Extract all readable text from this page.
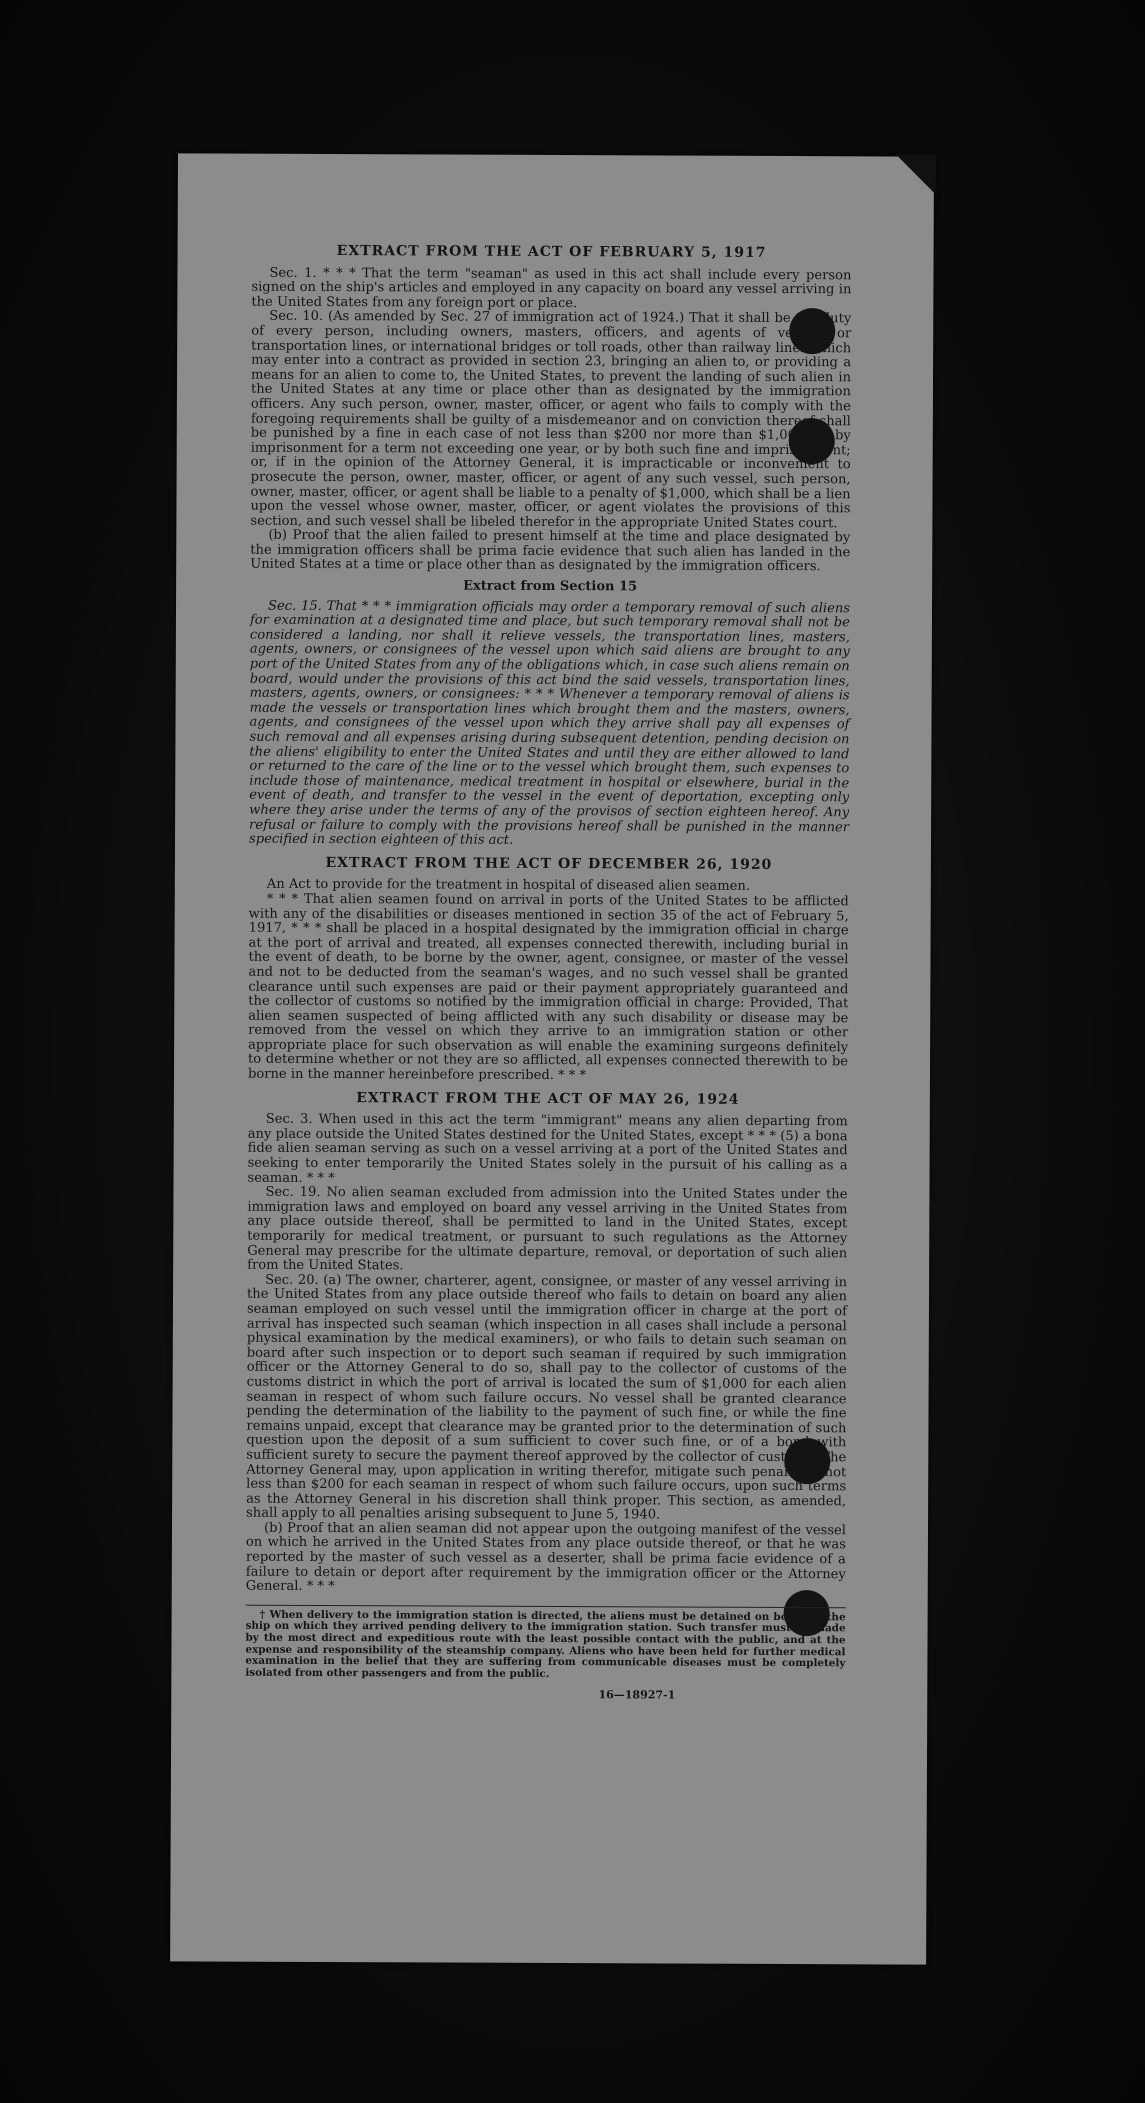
EXTRACT FROM THE ACT OF FEBRUARY 5, 1917

Sec. 1. * * * That the term "seaman" as used in this act shall include every person signed on the ship's articles and employed in any capacity on board any vessel arriving in the United States from any foreign port or place.

Sec. 10. (As amended by Sec. 27 of immigration act of 1924.) That it shall be the duty of every person, including owners, masters, officers, and agents of vessels or transportation lines, or international bridges or toll roads, other than railway lines which may enter into a contract as provided in section 23, bringing an alien to, or providing a means for an alien to come to, the United States, to prevent the landing of such alien in the United States at any time or place other than as designated by the immigration officers. Any such person, owner, master, officer, or agent who fails to comply with the foregoing requirements shall be guilty of a misdemeanor and on conviction thereof shall be punished by a fine in each case of not less than $200 nor more than $1,000, or by imprisonment for a term not exceeding one year, or by both such fine and imprisonment; or, if in the opinion of the Attorney General, it is impracticable or inconvenient to prosecute the person, owner, master, officer, or agent of any such vessel, such person, owner, master, officer, or agent shall be liable to a penalty of $1,000, which shall be a lien upon the vessel whose owner, master, officer, or agent violates the provisions of this section, and such vessel shall be libeled therefor in the appropriate United States court.

(b) Proof that the alien failed to present himself at the time and place designated by the immigration officers shall be prima facie evidence that such alien has landed in the United States at a time or place other than as designated by the immigration officers.

Extract from Section 15

Sec. 15. That * * * immigration officials may order a temporary removal of such aliens for examination at a designated time and place, but such temporary removal shall not be considered a landing, nor shall it relieve vessels, the transportation lines, masters, agents, owners, or consignees of the vessel upon which said aliens are brought to any port of the United States from any of the obligations which, in case such aliens remain on board, would under the provisions of this act bind the said vessels, transportation lines, masters, agents, owners, or consignees: * * * Whenever a temporary removal of aliens is made the vessels or transportation lines which brought them and the masters, owners, agents, and consignees of the vessel upon which they arrive shall pay all expenses of such removal and all expenses arising during subsequent detention, pending decision on the aliens' eligibility to enter the United States and until they are either allowed to land or returned to the care of the line or to the vessel which brought them, such expenses to include those of maintenance, medical treatment in hospital or elsewhere, burial in the event of death, and transfer to the vessel in the event of deportation, excepting only where they arise under the terms of any of the provisos of section eighteen hereof. Any refusal or failure to comply with the provisions hereof shall be punished in the manner specified in section eighteen of this act.

EXTRACT FROM THE ACT OF DECEMBER 26, 1920

An Act to provide for the treatment in hospital of diseased alien seamen.

* * * That alien seamen found on arrival in ports of the United States to be afflicted with any of the disabilities or diseases mentioned in section 35 of the act of February 5, 1917, * * * shall be placed in a hospital designated by the immigration official in charge at the port of arrival and treated, all expenses connected therewith, including burial in the event of death, to be borne by the owner, agent, consignee, or master of the vessel and not to be deducted from the seaman's wages, and no such vessel shall be granted clearance until such expenses are paid or their payment appropriately guaranteed and the collector of customs so notified by the immigration official in charge: Provided, That alien seamen suspected of being afflicted with any such disability or disease may be removed from the vessel on which they arrive to an immigration station or other appropriate place for such observation as will enable the examining surgeons definitely to determine whether or not they are so afflicted, all expenses connected therewith to be borne in the manner hereinbefore prescribed. * * *

EXTRACT FROM THE ACT OF MAY 26, 1924

Sec. 3. When used in this act the term "immigrant" means any alien departing from any place outside the United States destined for the United States, except * * * (5) a bona fide alien seaman serving as such on a vessel arriving at a port of the United States and seeking to enter temporarily the United States solely in the pursuit of his calling as a seaman. * * *

Sec. 19. No alien seaman excluded from admission into the United States under the immigration laws and employed on board any vessel arriving in the United States from any place outside thereof, shall be permitted to land in the United States, except temporarily for medical treatment, or pursuant to such regulations as the Attorney General may prescribe for the ultimate departure, removal, or deportation of such alien from the United States.

Sec. 20. (a) The owner, charterer, agent, consignee, or master of any vessel arriving in the United States from any place outside thereof who fails to detain on board any alien seaman employed on such vessel until the immigration officer in charge at the port of arrival has inspected such seaman (which inspection in all cases shall include a personal physical examination by the medical examiners), or who fails to detain such seaman on board after such inspection or to deport such seaman if required by such immigration officer or the Attorney General to do so, shall pay to the collector of customs of the customs district in which the port of arrival is located the sum of $1,000 for each alien seaman in respect of whom such failure occurs. No vessel shall be granted clearance pending the determination of the liability to the payment of such fine, or while the fine remains unpaid, except that clearance may be granted prior to the determination of such question upon the deposit of a sum sufficient to cover such fine, or of a bond with sufficient surety to secure the payment thereof approved by the collector of customs. The Attorney General may, upon application in writing therefor, mitigate such penalty to not less than $200 for each seaman in respect of whom such failure occurs, upon such terms as the Attorney General in his discretion shall think proper. This section, as amended, shall apply to all penalties arising subsequent to June 5, 1940.

(b) Proof that an alien seaman did not appear upon the outgoing manifest of the vessel on which he arrived in the United States from any place outside thereof, or that he was reported by the master of such vessel as a deserter, shall be prima facie evidence of a failure to detain or deport after requirement by the immigration officer or the Attorney General. * * *

† When delivery to the immigration station is directed, the aliens must be detained on board of the ship on which they arrived pending delivery to the immigration station. Such transfer must be made by the most direct and expeditious route with the least possible contact with the public, and at the expense and responsibility of the steamship company. Aliens who have been held for further medical examination in the belief that they are suffering from communicable diseases must be completely isolated from other passengers and from the public.
16—18927-1
